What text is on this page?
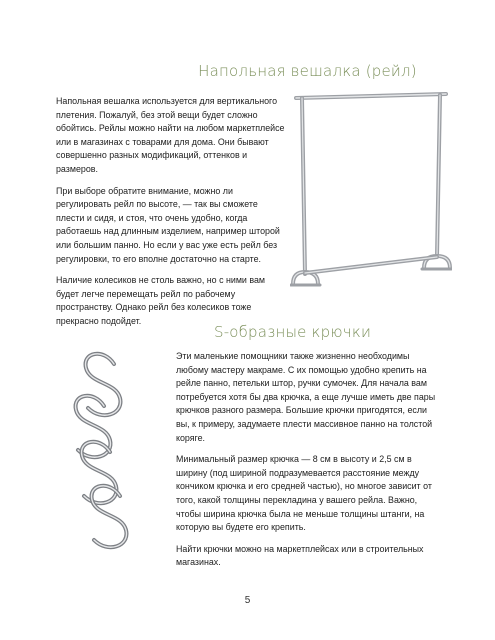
Напольная вешалка (рейл)

Напольная вешалка используется для вертикального плетения. Пожалуй, без этой вещи будет сложно обойтись. Рейлы можно найти на любом маркетплейсе или в магазинах с товарами для дома. Они бывают совершенно разных модификаций, оттенков и размеров.

При выборе обратите внимание, можно ли регулировать рейл по высоте, — так вы сможете плести и сидя, и стоя, что очень удобно, когда работаешь над длинным изделием, например шторой или большим панно. Но если у вас уже есть рейл без регулировки, то его вполне достаточно на старте.

Наличие колесиков не столь важно, но с ними вам будет легче перемещать рейл по рабочему пространству. Однако рейл без колесиков тоже прекрасно подойдет.

S-образные крючки

Эти маленькие помощники также жизненно необходимы любому мастеру макраме. С их помощью удобно крепить на рейле панно, петельки штор, ручки сумочек. Для начала вам потребуется хотя бы два крючка, а еще лучше иметь две пары крючков разного размера. Большие крючки пригодятся, если вы, к примеру, задумаете плести массивное панно на толстой коряге.

Минимальный размер крючка — 8 см в высоту и 2,5 см в ширину (под шириной подразумевается расстояние между кончиком крючка и его средней частью), но многое зависит от того, какой толщины перекладина у вашего рейла. Важно, чтобы ширина крючка была не меньше толщины штанги, на которую вы будете его крепить.

Найти крючки можно на маркетплейсах или в строительных магазинах.

5
